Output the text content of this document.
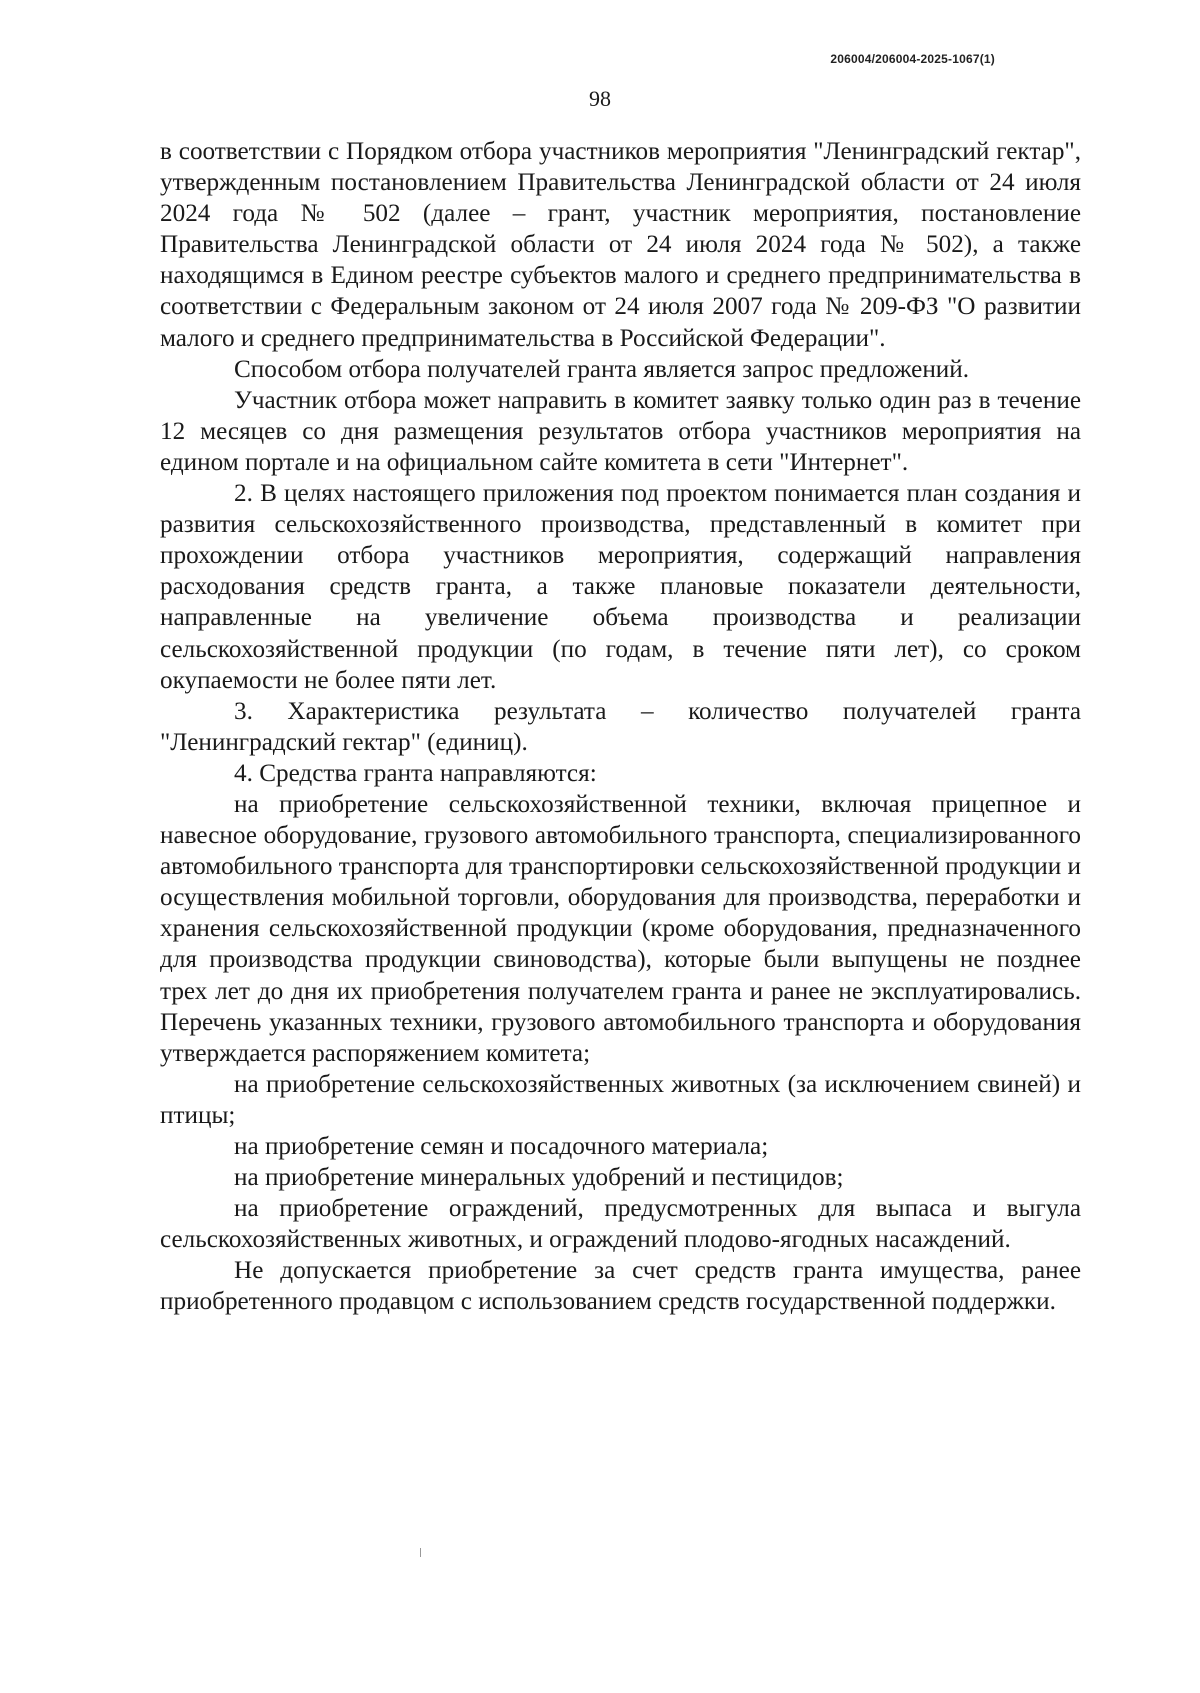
206004/206004-2025-1067(1)
98

в соответствии с Порядком отбора участников мероприятия "Ленинградский гектар", утвержденным постановлением Правительства Ленинградской области от 24 июля 2024 года № 502 (далее – грант, участник мероприятия, постановление Правительства Ленинградской области от 24 июля 2024 года № 502), а также находящимся в Едином реестре субъектов малого и среднего предпринимательства в соответствии с Федеральным законом от 24 июля 2007 года № 209-ФЗ "О развитии малого и среднего предпринимательства в Российской Федерации".

Способом отбора получателей гранта является запрос предложений.

Участник отбора может направить в комитет заявку только один раз в течение 12 месяцев со дня размещения результатов отбора участников мероприятия на едином портале и на официальном сайте комитета в сети "Интернет".

2. В целях настоящего приложения под проектом понимается план создания и развития сельскохозяйственного производства, представленный в комитет при прохождении отбора участников мероприятия, содержащий направления расходования средств гранта, а также плановые показатели деятельности, направленные на увеличение объема производства и реализации сельскохозяйственной продукции (по годам, в течение пяти лет), со сроком окупаемости не более пяти лет.

3. Характеристика результата – количество получателей гранта "Ленинградский гектар" (единиц).

4. Средства гранта направляются:

на приобретение сельскохозяйственной техники, включая прицепное и навесное оборудование, грузового автомобильного транспорта, специализированного автомобильного транспорта для транспортировки сельскохозяйственной продукции и осуществления мобильной торговли, оборудования для производства, переработки и хранения сельскохозяйственной продукции (кроме оборудования, предназначенного для производства продукции свиноводства), которые были выпущены не позднее трех лет до дня их приобретения получателем гранта и ранее не эксплуатировались. Перечень указанных техники, грузового автомобильного транспорта и оборудования утверждается распоряжением комитета;

на приобретение сельскохозяйственных животных (за исключением свиней) и птицы;

на приобретение семян и посадочного материала;

на приобретение минеральных удобрений и пестицидов;

на приобретение ограждений, предусмотренных для выпаса и выгула сельскохозяйственных животных, и ограждений плодово-ягодных насаждений.

Не допускается приобретение за счет средств гранта имущества, ранее приобретенного продавцом с использованием средств государственной поддержки.
